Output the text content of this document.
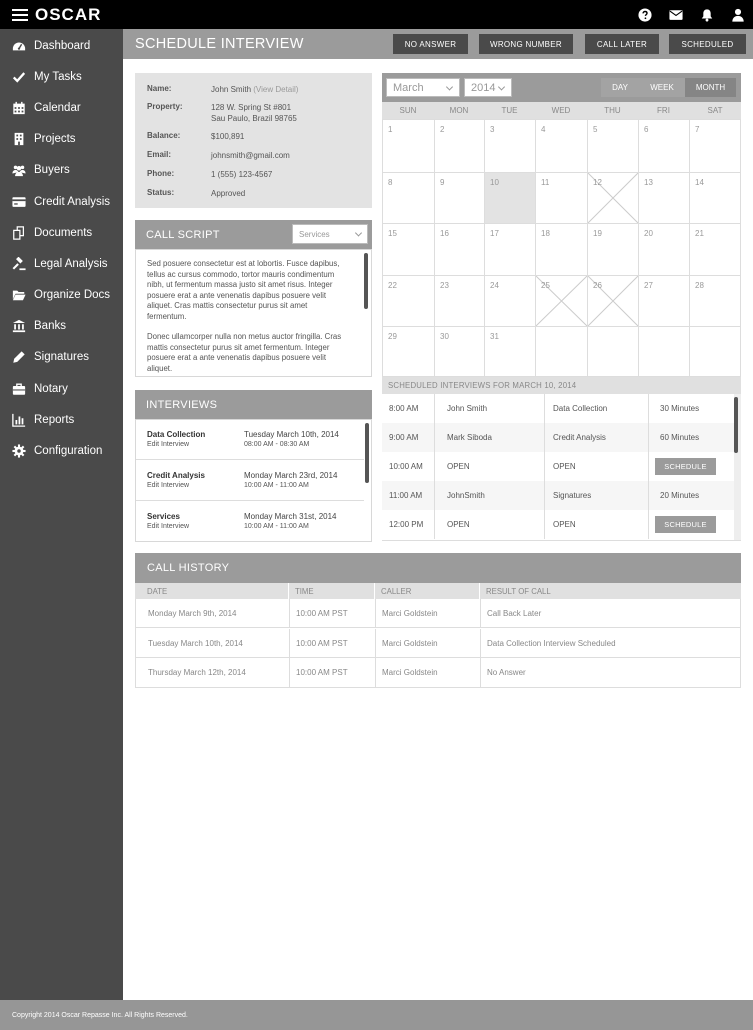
OSCAR
Dashboard
My Tasks
Calendar
Projects
Buyers
Credit Analysis
Documents
Legal Analysis
Organize Docs
Banks
Signatures
Notary
Reports
Configuration
SCHEDULE INTERVIEW	NO ANSWER	WRONG NUMBER	CALL LATER	SCHEDULED
Name:	John Smith (View Detail)
Property:	128 W. Spring St #801
Sau Paulo, Brazil 98765
Balance:	$100,891
Email:	johnsmith@gmail.com
Phone:	1 (555) 123-4567
Status:	Approved
CALL SCRIPT	Services

Sed posuere consectetur est at lobortis. Fusce dapibus, tellus ac cursus commodo, tortor mauris condimentum nibh, ut fermentum massa justo sit amet risus. Integer posuere erat a ante venenatis dapibus posuere velit aliquet. Cras mattis consectetur purus sit amet fermentum.

Donec ullamcorper nulla non metus auctor fringilla. Cras mattis consectetur purus sit amet fermentum. Integer posuere erat a ante venenatis dapibus posuere velit aliquet.

INTERVIEWS
Data Collection
Edit Interview
Tuesday March 10th, 2014
08:00 AM - 08:30 AM
Credit Analysis
Edit Interview
Monday March 23rd, 2014
10:00 AM - 11:00 AM
Services
Edit Interview
Monday March 31st, 2014
10:00 AM - 11:00 AM
March	2014	DAY	WEEK	MONTH
SUN	MON	TUE	WED	THU	FRI	SAT
1	2	3	4	5	6	7
8	9	10	11	12	13	14
15	16	17	18	19	20	21
22	23	24	25	26	27	28
29	30	31
SCHEDULED INTERVIEWS FOR MARCH 10, 2014
12:00 PM	OPEN	OPEN	SCHEDULE
11:00 AM	JohnSmith	Signatures	20 Minutes
10:00 AM	OPEN	OPEN	SCHEDULE
9:00 AM	Mark Siboda	Credit Analysis	60 Minutes
8:00 AM	John Smith	Data Collection	30 Minutes
CALL HISTORY
DATE	TIME	CALLER	RESULT OF CALL
Monday March 9th, 2014	10:00 AM PST	Marci Goldstein	Call Back Later
Tuesday March 10th, 2014	10:00 AM PST	Marci Goldstein	Data Collection Interview Scheduled
Thursday March 12th, 2014	10:00 AM PST	Marci Goldstein	No Answer
Copyright 2014 Oscar Repasse Inc. All Rights Reserved.
